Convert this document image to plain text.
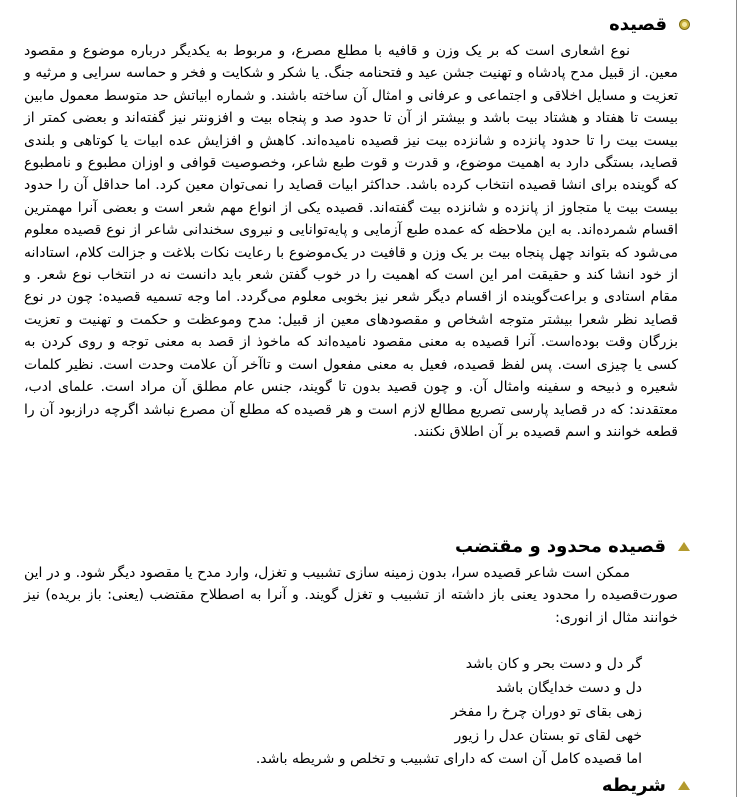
قصیده

نوع اشعاری است که بر یک وزن و قافیه با مطلع مصرع، و مربوط به یکدیگر درباره موضوع و مقصود معین. از قبیل مدح پادشاه و تهنیت جشن عید و فتحنامه جنگ. یا شکر و شکایت و فخر و حماسه سرایی و مرثیه و تعزیت و مسایل اخلاقی و اجتماعی و عرفانی و امثال آن ساخته باشند. و شماره ابیاتش حد متوسط معمول مابین بیست تا هفتاد و هشتاد بیت باشد و بیشتر از آن تا حدود صد و پنجاه بیت و افزونتر نیز گفته‌اند و بعضی کمتر از بیست بیت را تا حدود پانزده و شانزده بیت نیز قصیده نامیده‌اند. کاهش و افزایش عده ابیات یا کوتاهی و بلندی قصاید، بستگی دارد به اهمیت موضوع، و قدرت و قوت طبع شاعر، وخصوصیت قوافی و اوزان مطبوع و نامطبوع که گوینده برای انشا قصیده انتخاب کرده باشد. حداکثر ابیات قصاید را نمی‌توان معین کرد. اما حداقل آن را حدود بیست بیت یا متجاوز از پانزده و شانزده بیت گفته‌اند. قصیده یکی از انواع مهم شعر است و بعضی آنرا مهمترین اقسام شمرده‌اند. به این ملاحظه که عمده طبع آزمایی و پایه‌توانایی و نیروی سخندانی شاعر از نوع قصیده معلوم می‌شود که بتواند چهل پنجاه بیت بر یک وزن و قافیت در یک‌موضوع با رعایت نکات بلاغت و جزالت کلام، استادانه از خود انشا کند و حقیقت امر این است که اهمیت را در خوب گفتن شعر باید دانست نه در انتخاب نوع شعر. و مقام استادی و براعت‌گوینده از اقسام دیگر شعر نیز بخوبی معلوم می‌گردد. اما وجه تسمیه قصیده: چون در نوع قصاید نظر شعرا بیشتر متوجه اشخاص و مقصودهای معین از قبیل: مدح وموعظت و حکمت و تهنیت و تعزیت بزرگان وقت بوده‌است. آنرا قصیده به معنی مقصود نامیده‌اند که ماخوذ از قصد به معنی توجه و روی کردن به کسی یا چیزی است. پس لفظ قصیده، فعیل به معنی مفعول است و تاآخر آن علامت وحدت است. نظیر کلمات شعیره و ذبیحه و سفینه وامثال آن. و چون قصید بدون تا گویند، جنس عام مطلق آن مراد است. علمای ادب، معتقدند: که در قصاید پارسی تصریع مطالع لازم است و هر قصیده که مطلع آن مصرع نباشد اگرچه درازبود آن را قطعه خوانند و اسم قصیده بر آن اطلاق نکنند.

قصیده محدود و مقتضب

ممکن است شاعر قصیده سرا، بدون زمینه سازی تشبیب و تغزل، وارد مدح یا مقصود دیگر شود. و در این صورت‌قصیده را محدود یعنی باز داشته از تشبیب و تغزل گویند. و آنرا به اصطلاح مقتضب (یعنی: باز بریده) نیز خوانند مثال از انوری:

گر دل و دست بحر و کان باشد
دل و دست خدایگان باشد
زهی بقای تو دوران چرخ را مفخر
خهی لقای تو بستان عدل را زیور

اما قصیده کامل آن است که دارای تشبیب و تخلص و شریطه باشد.

شریطه
